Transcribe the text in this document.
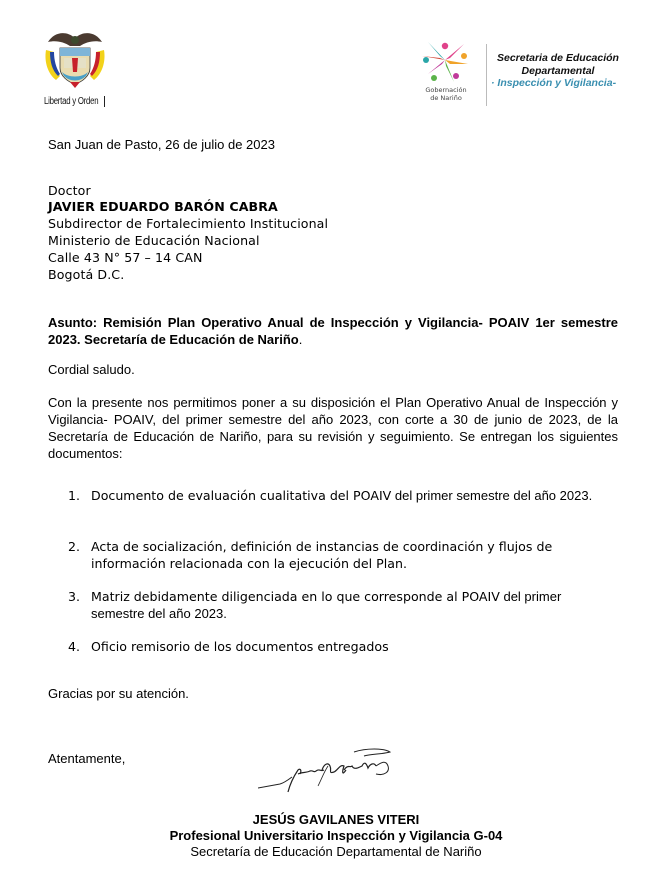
Libertad y Orden
Gobernación
de Nariño
Secretaria de Educación
Departamental
· Inspección y Vigilancia-
San Juan de Pasto, 26 de julio de 2023
Doctor
JAVIER EDUARDO BARÓN CABRA
Subdirector de Fortalecimiento Institucional
Ministerio de Educación Nacional
Calle 43 N° 57 – 14 CAN
Bogotá D.C.
Asunto: Remisión Plan Operativo Anual de Inspección y Vigilancia- POAIV 1er semestre 2023. Secretaría de Educación de Nariño.
Cordial saludo.
Con la presente nos permitimos poner a su disposición el Plan Operativo Anual de Inspección y Vigilancia- POAIV, del primer semestre del año 2023, con corte a 30 de junio de 2023, de la Secretaría de Educación de Nariño, para su revisión y seguimiento. Se entregan los siguientes documentos:
1. Documento de evaluación cualitativa del POAIV del primer semestre del año 2023.
2. Acta de socialización, definición de instancias de coordinación y flujos de información relacionada con la ejecución del Plan.
3. Matriz debidamente diligenciada en lo que corresponde al POAIV del primer semestre del año 2023.
4. Oficio remisorio de los documentos entregados
Gracias por su atención.
Atentamente,
JESÚS GAVILANES VITERI
Profesional Universitario Inspección y Vigilancia G-04
Secretaría de Educación Departamental de Nariño
